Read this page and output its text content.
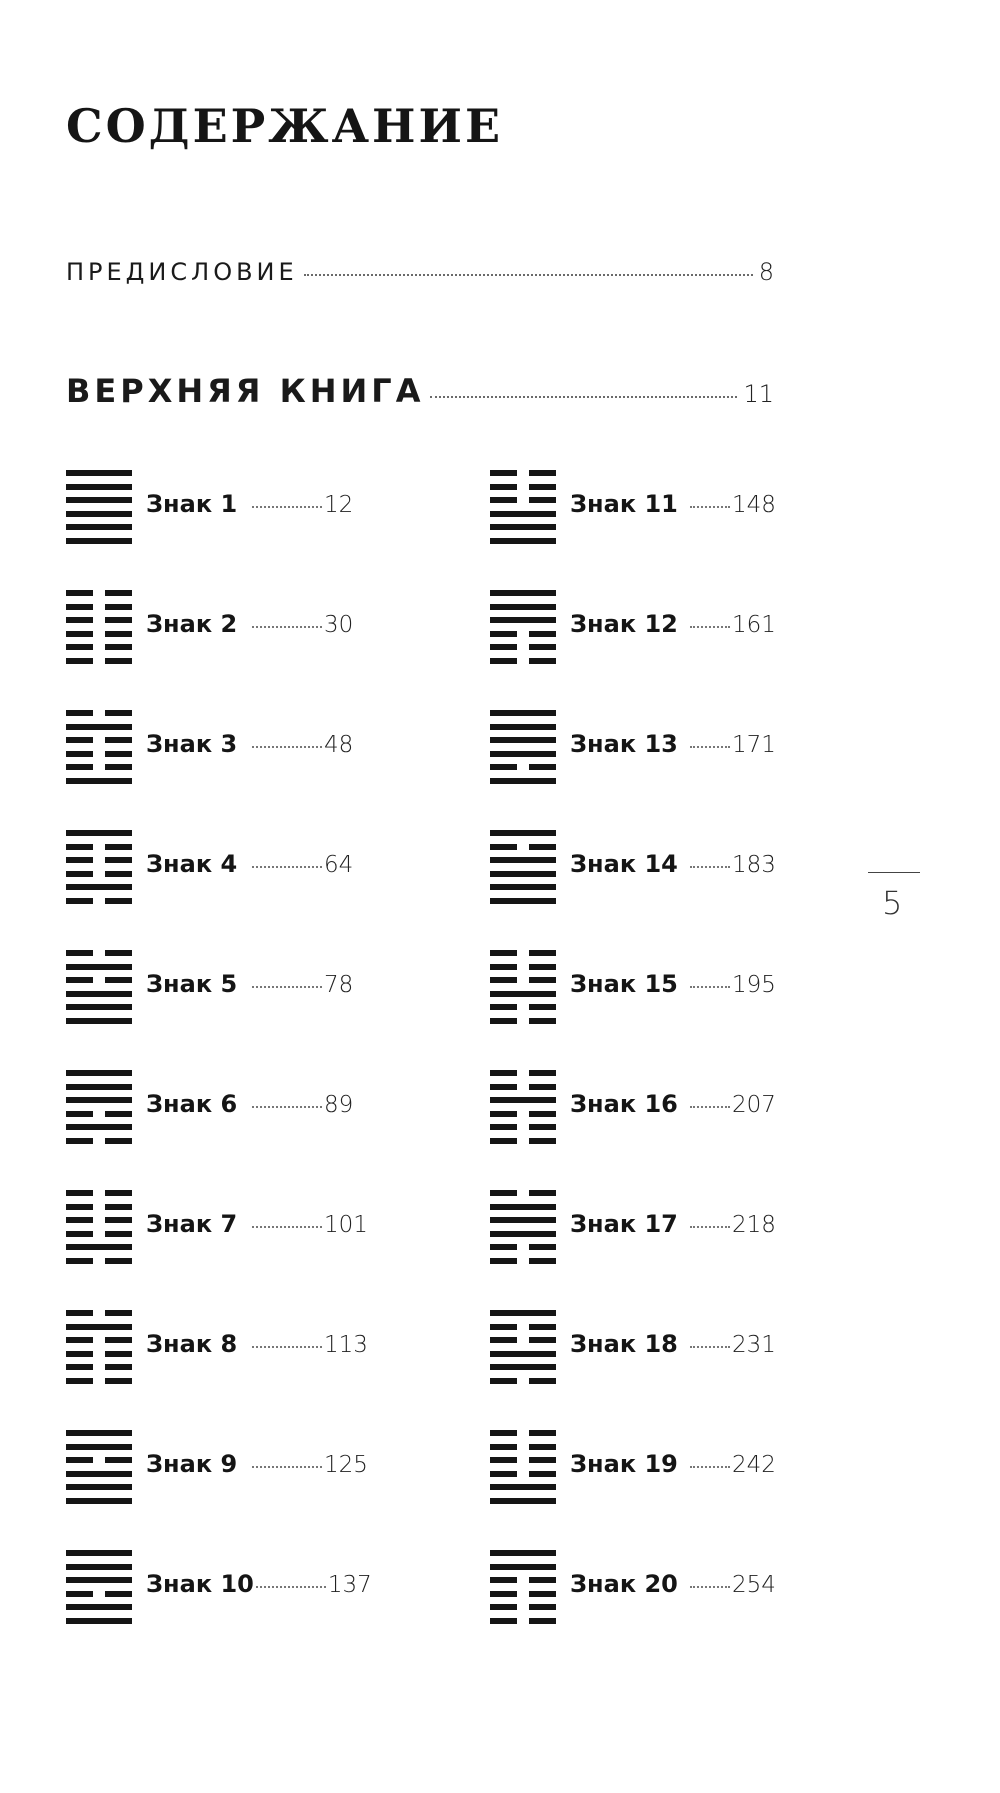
СОДЕРЖАНИЕ
ПРЕДИСЛОВИЕ	8
ВЕРХНЯЯ КНИГА	11
Знак 1	12	Знак 11	148
Знак 2	30	Знак 12	161
Знак 3	48	Знак 13	171
Знак 4	64	Знак 14	183
Знак 5	78	Знак 15	195
Знак 6	89	Знак 16	207
Знак 7	101	Знак 17	218
Знак 8	113	Знак 18	231
Знак 9	125	Знак 19	242
Знак 10	137	Знак 20	254
5
